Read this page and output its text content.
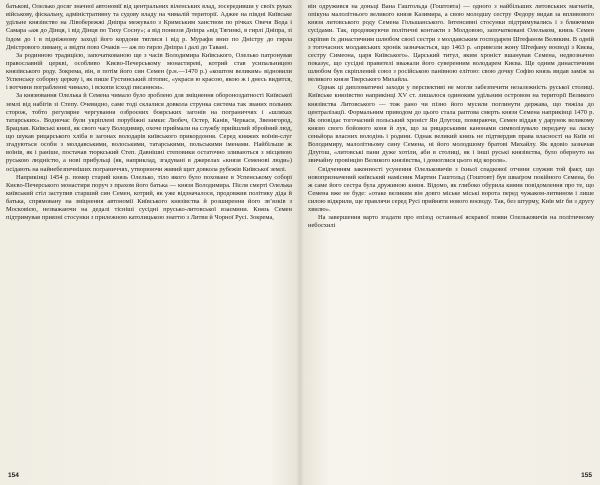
батькові, Олелько досяг значної автономії від центральних віленських влад, зосередивши у своїх руках військову, фіскальну, адміністративну та судову владу на чималій території. Аджее на півдні Київське удільне князівство на Лівобережжі Дніпра межувало з Кримським ханством по річках Овечя Вода і Самара «аж до Дінця, і від Дінця по Тиху Сосну»; а від пониззя Дніпра «від Тягинкі, в гирлі Дніпра, зі їздом до і в підніжному заході його кордони тяглися і від р. Мурафи вниз по Дністру до гирла Дністрового лиману, а звідти повз Очаків — аж по гирло Дніпра і далі до Тавані.

За родинною традицією, започаткованою ще з часів Володимира Київського, Олелько патронував православній церкві, особливо Києво-Печерському монастиреві, котрий став усипальницею князівського роду. Зокрема, він, в потім його син Семен (р.н.—1470 р.) «коштом великим» відновили Успенську соборну церкву і, як пише Густинський літопис, «украси ю красою, якою ж і днесь видится, і вотчини пограбленні чимало, і вскопи ісході писаннєм».

За князювання Олелька й Семена чимало було зроблено для зміцнення обороноздатності Київської землі від набігів зі Степу. Очевидно, саме тоді склалися довкола струнка система так званих польних сторож, тобто регулярне чергування озброєних боярських загонів на пограниччях і «шляхах татарських». Водночас були укріплені порубіжні замки: Любеч, Остер, Канів, Черкаси, Звенигород, Брацлав. Київські князі, як свого часу Володимир, охоче приймали на службу прийшлий збройний люд, що шукав рицарського хліба в загонах володарів київського прикордоння. Серед княжих воїнів-слуг згадуються особи з молдавськими, волоськими, татарськими, польськими іменами. Найбільше ж воїнів, як і раніше, постачав тюркський Степ. Давнішні степовики остаточно зливаються з місцевою руською людністю, а нові прибульці (як, наприклад, згадувані в джерелах «князя Семенові люди») осідають на найнебезпечніших пограниччях, утворюючи живий щит довкола рубежів Київської землі.

Наприкінці 1454 р. помер старий князь Олелько, тіло якого було поховане в Успенському соборі Києво-Печерського монастиря поруч з прахом його батька — князя Володимира. Після смерті Олелька київський стіл заступив старший син Семен, котрий, як уже відзначалося, продовжив політику діда й батька, спрямовану на зміцнення автономії Київського князівства й розширення його зв’язків з Московією, незважаючи на дедалі тісніші сусідні прусько-литовської взаємини. Князь Семен підтримував приязні стосунки з прилежною католицькою знаттю з Литви й Чорної Русі. Зокрема,

154

він одружився на доньці Вана Гаштольда (Гоштовта) — одного з найбільших литовських магнатів, опікуна малолітнього великого князя Казимира, а свою молодшу сестру Федору видав за впливового князя литовського роду Семена Гольшанського. Інтенсивні стосунки підтримувались і з ближчими сусідами. Так, продовжуючи політичні контакти з Молдовою, започатковані Олельком, князь Семен скріпив їх династичним шлюбом своєї сестри з молдавським господарем Штефаном Великим. В одній з тогочасних молдавських хронік зазначається, що 1463 р. «привезли жону Штефану воєводі з Києва, сестру Симеона, царя Київського». Царський титул, яким хроніст вшанував Семена, недвозначно показує, що сусідні правителі вважали його суверенним володарем Києва. Ще одним династичним шлюбом був скріплений союз з російською панівною елітою: свою дочку Софію князь видав заміж за великого князя Тверського Михайла.

Однак ці дипломатичні заходи у перспективі не могли забезпечити незалежність руської столиці. Київське князівство наприкінці XV ст. лишалося одиноким удільним островом на території Великого князівства Литовського — тож рано чи пізно його мусили поглинути держава, що тяжіла до централізації. Формальним приводом до цього стала раптова смерть князя Семена наприкінці 1470 р. Як оповідає тогочасний польський хроніст Ян Длугош, помираючи, Семен віддав у дарунок великому князю свого бойового коня й лук, що за рицарськими канонами символізувало передачу на ласку сеньйора власних володінь і родини. Однак великий князь не підтвердив права власності на Київ ні Володимиру, малолітньому сину Семена, ні його молодшому братові Михайлу. Як вдовіо зазначав Длугош, «литовські пани дуже хотіли, аби в столиці, як і інші руські князівства, було обернуто на звичайну провінцію Великого князівства, і домоглися цього від короля».

Свідченням законності усунення Олельковичів з їхньої спадкової отчини служив той факт, що новопризначений київський намісник Мартин Гаштольд (Гоштовт) був шваґром покійного Семена, бо ж саме його сестра була дружиною князя. Відомо, як глибоко обурила кияни повідомлення про те, що Семена вже не буде: «отаке великим він довго міське міські ворота перед чужаком-литвином і лише силою відкрили, ще правлячи серед Русі прийняти нового воєводу. Так, без штурму, Київ міг би з другу хвилю».

На завершення варто згадати про епізод останньої яскравої появи Олельковичів на політичному небосхилі

155
